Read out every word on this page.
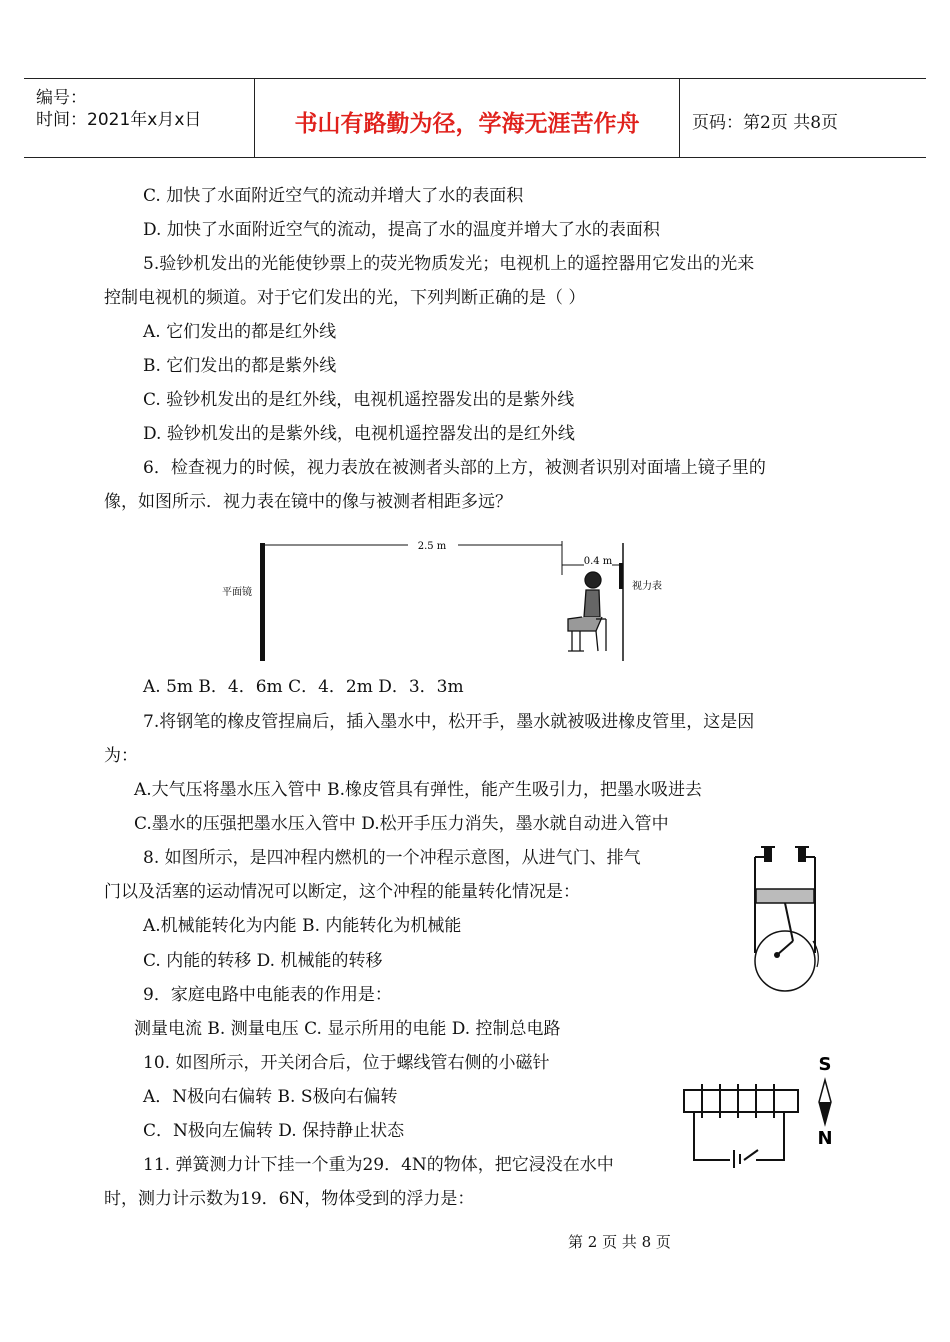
编号：
时间：2021年x月x日	书山有路勤为径，学海无涯苦作舟	页码：第2页 共8页
C. 加快了水面附近空气的流动并增大了水的表面积
D. 加快了水面附近空气的流动，提高了水的温度并增大了水的表面积
5.验钞机发出的光能使钞票上的荧光物质发光；电视机上的遥控器用它发出的光来
控制电视机的频道。对于它们发出的光，下列判断正确的是（ ）
A. 它们发出的都是红外线
B. 它们发出的都是紫外线
C. 验钞机发出的是红外线，电视机遥控器发出的是紫外线
D. 验钞机发出的是紫外线，电视机遥控器发出的是红外线
6．检查视力的时候，视力表放在被测者头部的上方，被测者识别对面墙上镜子里的
像，如图所示．视力表在镜中的像与被测者相距多远？
2.5 m
0.4 m
平面镜
视力表
A. 5m B．4．6m C．4．2m D．3．3m
7.将钢笔的橡皮管捏扁后，插入墨水中，松开手，墨水就被吸进橡皮管里，这是因
为：
A.大气压将墨水压入管中 B.橡皮管具有弹性，能产生吸引力，把墨水吸进去
C.墨水的压强把墨水压入管中 D.松开手压力消失，墨水就自动进入管中
8. 如图所示，是四冲程内燃机的一个冲程示意图，从进气门、排气
门以及活塞的运动情况可以断定，这个冲程的能量转化情况是：
A.机械能转化为内能 B. 内能转化为机械能
C. 内能的转移 D. 机械能的转移
9．家庭电路中电能表的作用是：
测量电流 B. 测量电压 C. 显示所用的电能 D. 控制总电路
10. 如图所示，开关闭合后，位于螺线管右侧的小磁针
A．N极向右偏转 B. S极向右偏转
C．N极向左偏转 D. 保持静止状态
S
N
11. 弹簧测力计下挂一个重为29．4N的物体，把它浸没在水中
时，测力计示数为19．6N，物体受到的浮力是：
第 2 页 共 8 页
